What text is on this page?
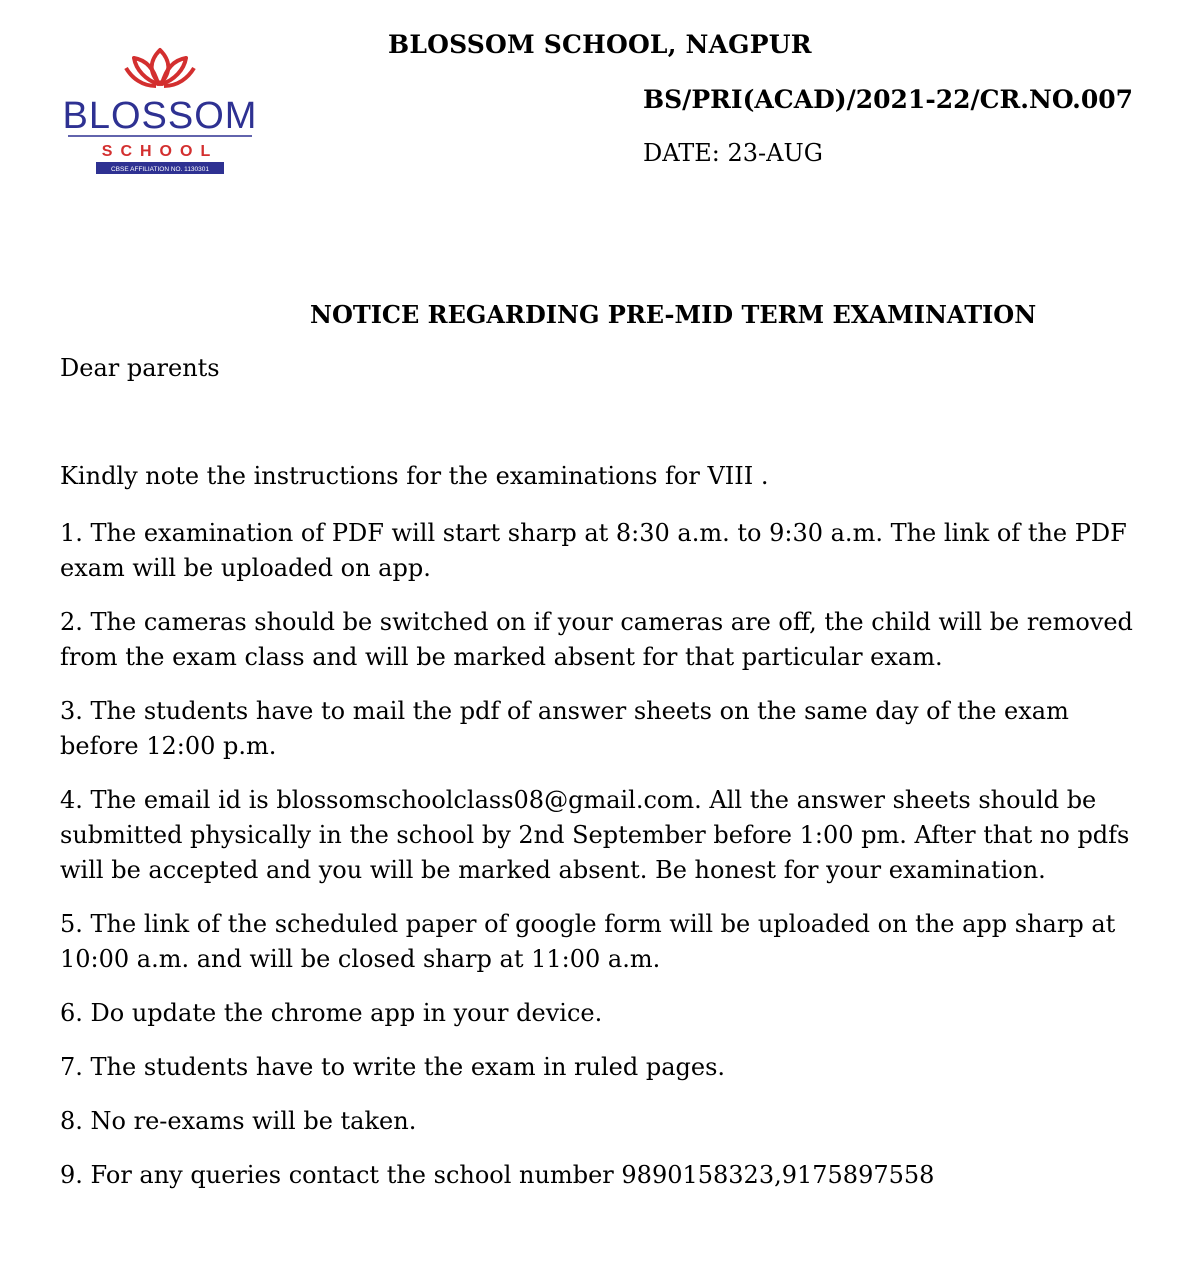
BLOSSOM
SCHOOL
CBSE AFFILIATION NO. 1130301
BLOSSOM SCHOOL, NAGPUR
BS/PRI(ACAD)/2021-22/CR.NO.007
DATE: 23-AUG
NOTICE REGARDING PRE-MID TERM EXAMINATION
Dear parents
Kindly note the instructions for the examinations for VIII .
1. The examination of PDF will start sharp at 8:30 a.m. to 9:30 a.m. The link of the PDF exam will be uploaded on app.
2. The cameras should be switched on if your cameras are off, the child will be removed from the exam class and will be marked absent for that particular exam.
3. The students have to mail the pdf of answer sheets on the same day of the exam before 12:00 p.m.
4. The email id is blossomschoolclass08@gmail.com. All the answer sheets should be submitted physically in the school by 2nd September before 1:00 pm. After that no pdfs will be accepted and you will be marked absent. Be honest for your examination.
5. The link of the scheduled paper of google form will be uploaded on the app sharp at 10:00 a.m. and will be closed sharp at 11:00 a.m.
6. Do update the chrome app in your device.
7. The students have to write the exam in ruled pages.
8. No re-exams will be taken.
9. For any queries contact the school number 9890158323,9175897558
